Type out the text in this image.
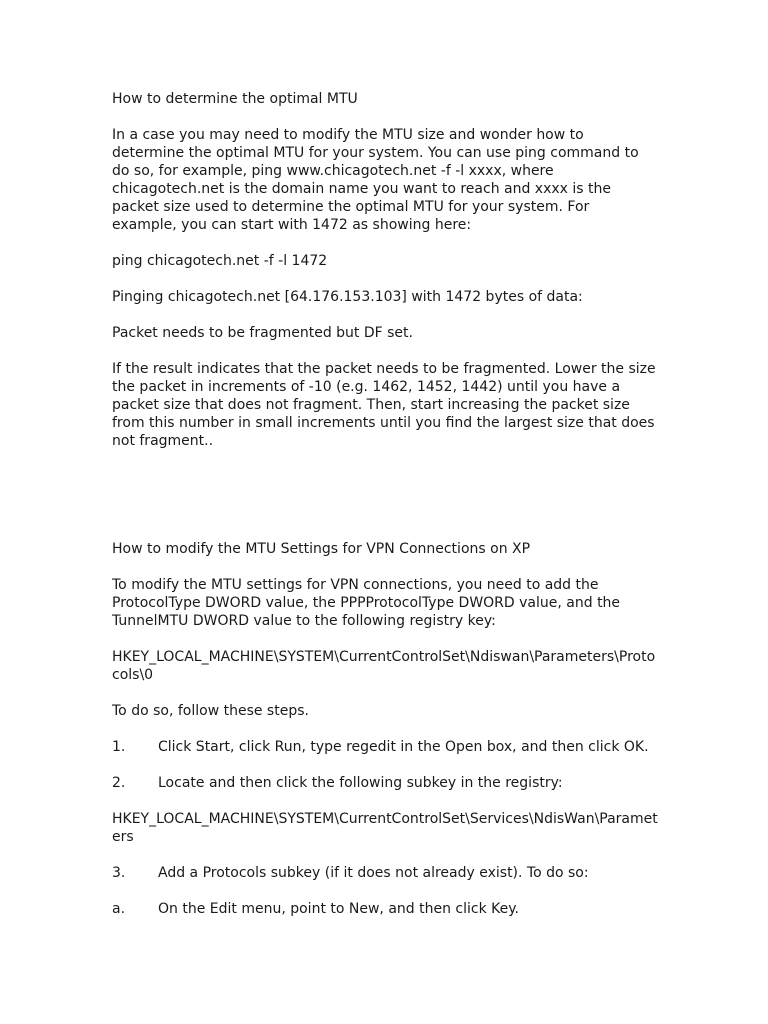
How to determine the optimal MTU

In a case you may need to modify the MTU size and wonder how to determine the optimal MTU for your system. You can use ping command to do so, for example, ping www.chicagotech.net -f -l xxxx, where chicagotech.net is the domain name you want to reach and xxxx is the packet size used to determine the optimal MTU for your system. For example, you can start with 1472 as showing here:

ping chicagotech.net -f -l 1472

Pinging chicagotech.net [64.176.153.103] with 1472 bytes of data:

Packet needs to be fragmented but DF set.

If the result indicates that the packet needs to be fragmented. Lower the size the packet in increments of -10 (e.g. 1462, 1452, 1442) until you have a packet size that does not fragment. Then, start increasing the packet size from this number in small increments until you find the largest size that does not fragment..

How to modify the MTU Settings for VPN Connections on XP

To modify the MTU settings for VPN connections, you need to add the ProtocolType DWORD value, the PPPProtocolType DWORD value, and the TunnelMTU DWORD value to the following registry key:

HKEY_LOCAL_MACHINE\SYSTEM\CurrentControlSet\Ndiswan\Parameters\Protocols\0

To do so, follow these steps.

1.	Click Start, click Run, type regedit in the Open box, and then click OK.
2.	Locate and then click the following subkey in the registry:

HKEY_LOCAL_MACHINE\SYSTEM\CurrentControlSet\Services\NdisWan\Parameters

3.	Add a Protocols subkey (if it does not already exist). To do so:
a.	On the Edit menu, point to New, and then click Key.
